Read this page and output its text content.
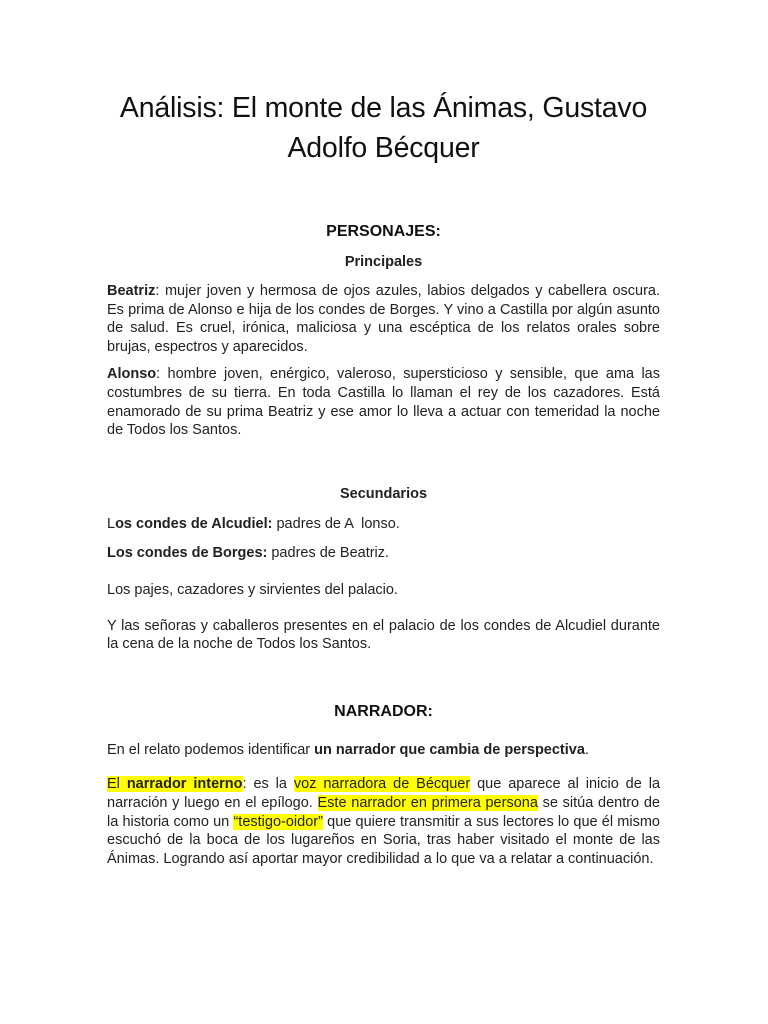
Análisis: El monte de las Ánimas, Gustavo Adolfo Bécquer
PERSONAJES:
Principales

Beatriz: mujer joven y hermosa de ojos azules, labios delgados y cabellera oscura. Es prima de Alonso e hija de los condes de Borges. Y vino a Castilla por algún asunto de salud. Es cruel, irónica, maliciosa y una escéptica de los relatos orales sobre brujas, espectros y aparecidos.

Alonso: hombre joven, enérgico, valeroso, supersticioso y sensible, que ama las costumbres de su tierra. En toda Castilla lo llaman el rey de los cazadores. Está enamorado de su prima Beatriz y ese amor lo lleva a actuar con temeridad la noche de Todos los Santos.

Secundarios

Los condes de Alcudiel: padres de A  lonso.

Los condes de Borges: padres de Beatriz.

Los pajes, cazadores y sirvientes del palacio.

Y las señoras y caballeros presentes en el palacio de los condes de Alcudiel durante la cena de la noche de Todos los Santos.

NARRADOR:

En el relato podemos identificar un narrador que cambia de perspectiva.

El narrador interno: es la voz narradora de Bécquer que aparece al inicio de la narración y luego en el epílogo. Este narrador en primera persona se sitúa dentro de la historia como un “testigo-oidor” que quiere transmitir a sus lectores lo que él mismo escuchó de la boca de los lugareños en Soria, tras haber visitado el monte de las Ánimas. Logrando así aportar mayor credibilidad a lo que va a relatar a continuación.
